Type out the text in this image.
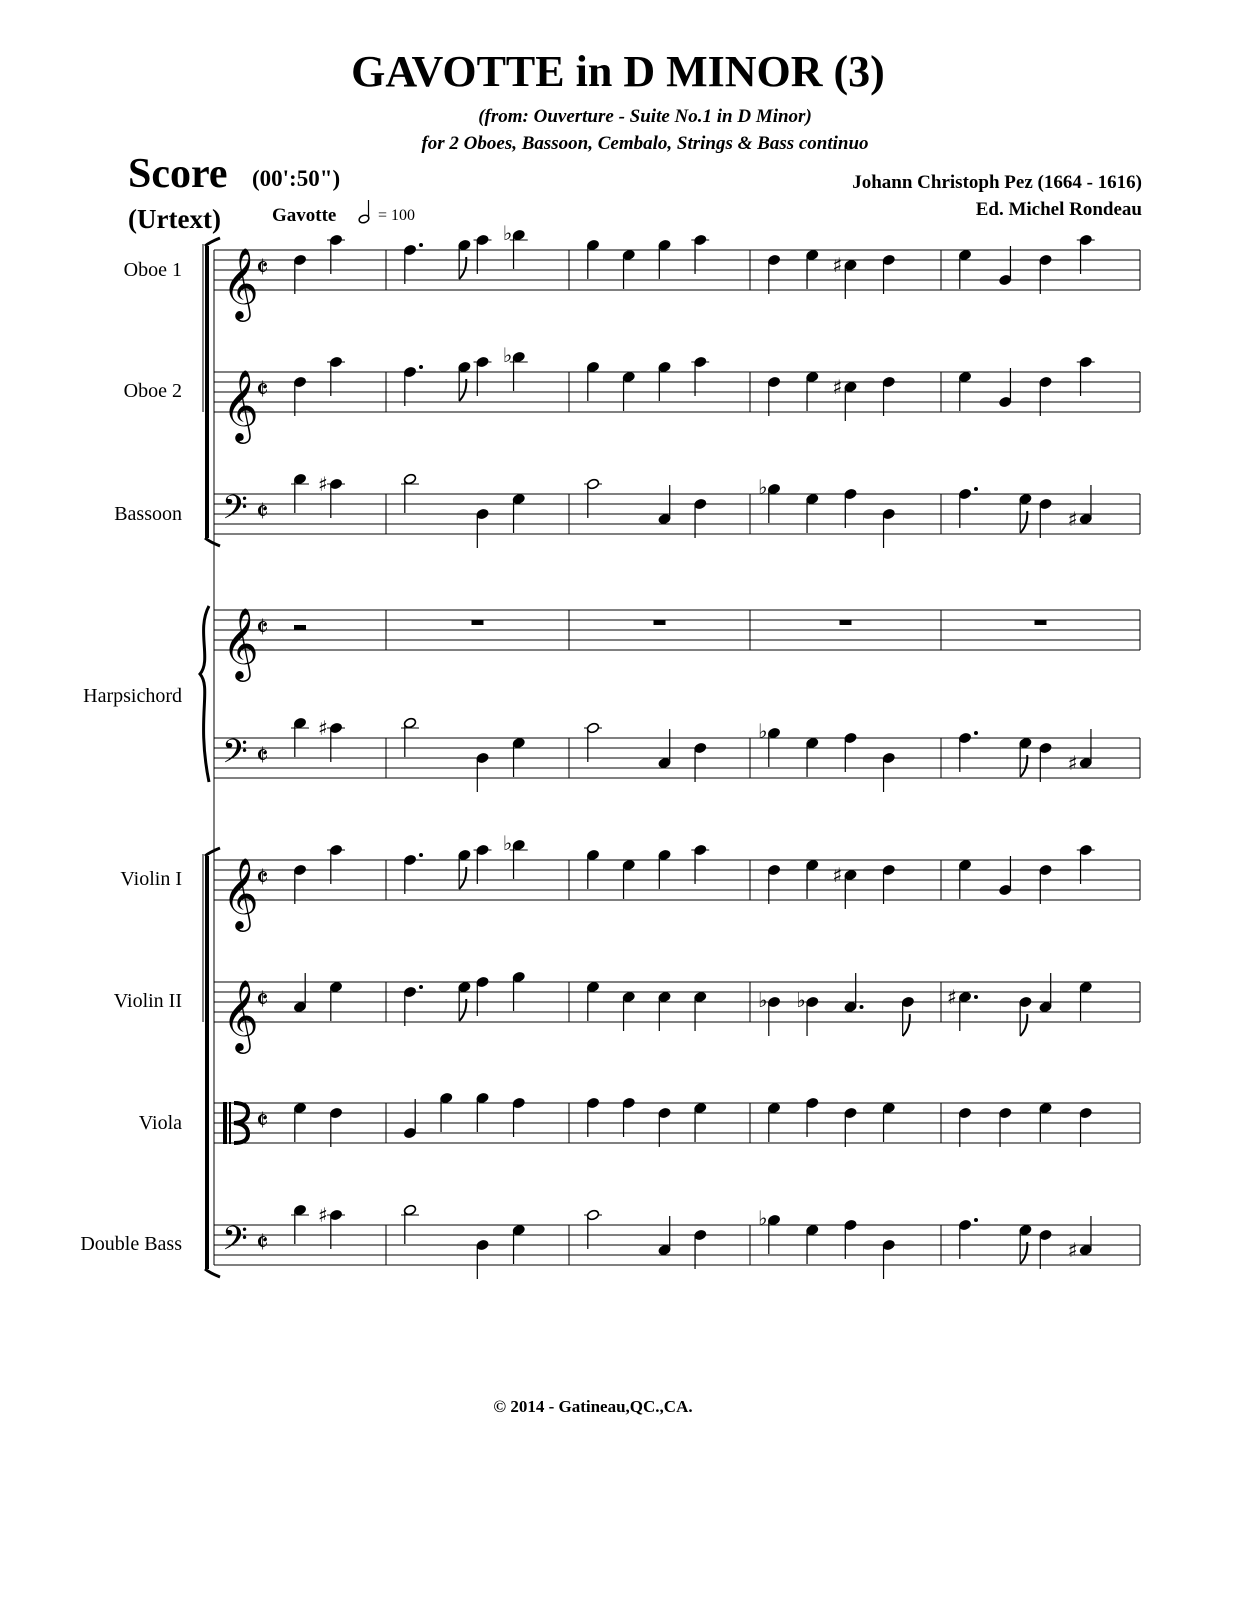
GAVOTTE in D MINOR (3)
(from: Ouverture - Suite No.1 in D Minor)
for 2 Oboes, Bassoon, Cembalo, Strings & Bass continuo
Score (00':50")
(Urtext)	Gavotte	= 100
Johann Christoph Pez (1664 - 1616)
Ed. Michel Rondeau
Oboe 1
Oboe 2
Bassoon
Harpsichord
Violin I
Violin II
Viola
Double Bass
𝄞
𝄵
𝄞
𝄵
𝄢 𝄵
𝄞
𝄵
𝄢 𝄵
𝄞
𝄵
𝄞
𝄵
𝄵
𝄢 𝄵
♭
♯
♭
♯
♯	♭
♯
♯	♭
♯
♭
♯
♭ ♭	♯
♯	♭
♯
© 2014 - Gatineau,QC.,CA.
